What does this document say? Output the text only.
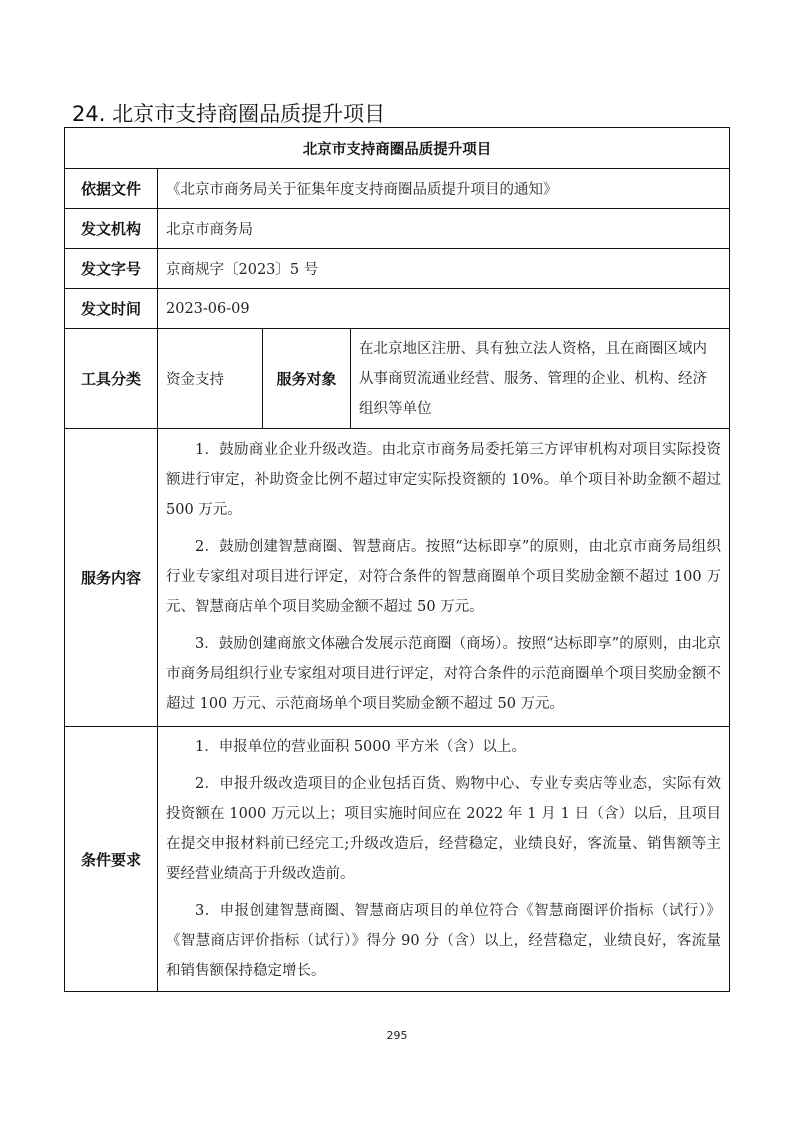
24. 北京市支持商圈品质提升项目
北京市支持商圈品质提升项目			
依据文件	《北京市商务局关于征集年度支持商圈品质提升项目的通知》		
发文机构	北京市商务局		
发文字号	京商规字〔2023〕5 号		
发文时间	2023-06-09		
工具分类	资金支持	服务对象	在北京地区注册、具有独立法人资格，且在商圈区域内从事商贸流通业经营、服务、管理的企业、机构、经济组织等单位
服务内容	1．鼓励商业企业升级改造。由北京市商务局委托第三方评审机构对项目实际投资额进行审定，补助资金比例不超过审定实际投资额的 10%。单个项目补助金额不超过 500 万元。

2．鼓励创建智慧商圈、智慧商店。按照“达标即享”的原则，由北京市商务局组织行业专家组对项目进行评定，对符合条件的智慧商圈单个项目奖励金额不超过 100 万元、智慧商店单个项目奖励金额不超过 50 万元。

3．鼓励创建商旅文体融合发展示范商圈（商场）。按照“达标即享”的原则，由北京市商务局组织行业专家组对项目进行评定，对符合条件的示范商圈单个项目奖励金额不超过 100 万元、示范商场单个项目奖励金额不超过 50 万元。		

条件要求	1．申报单位的营业面积 5000 平方米（含）以上。

2．申报升级改造项目的企业包括百货、购物中心、专业专卖店等业态，实际有效投资额在 1000 万元以上；项目实施时间应在 2022 年 1 月 1 日（含）以后，且项目在提交申报材料前已经完工;升级改造后，经营稳定，业绩良好，客流量、销售额等主要经营业绩高于升级改造前。

3．申报创建智慧商圈、智慧商店项目的单位符合《智慧商圈评价指标（试行）》《智慧商店评价指标（试行）》得分 90 分（含）以上，经营稳定，业绩良好，客流量和销售额保持稳定增长。		

295
